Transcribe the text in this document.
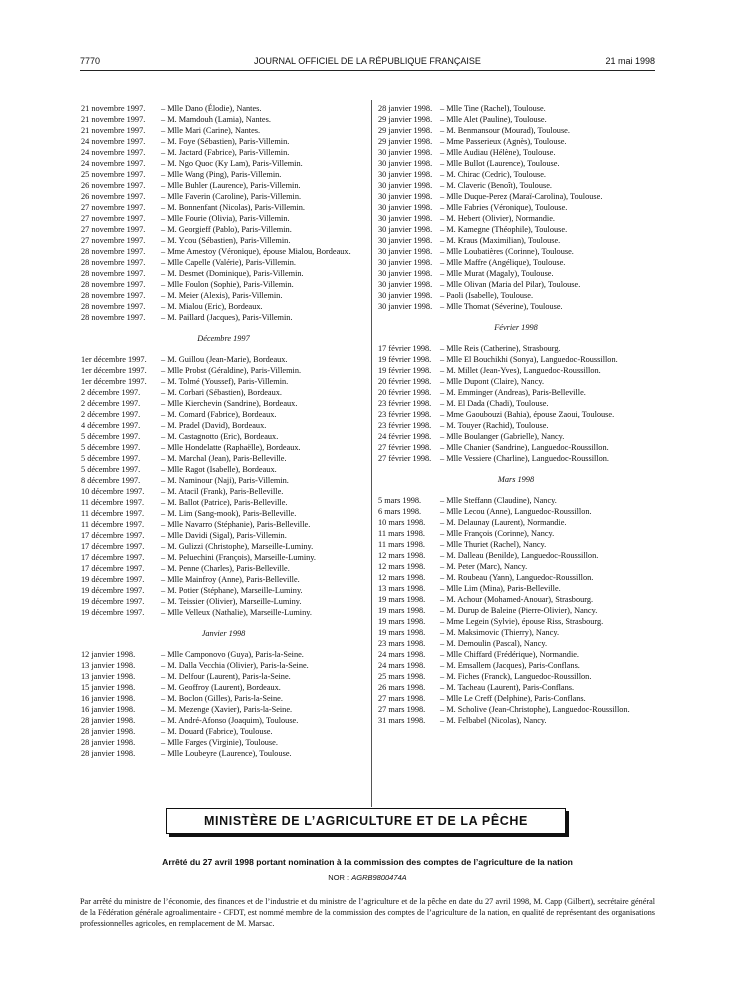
7770	JOURNAL OFFICIEL DE LA RÉPUBLIQUE FRANÇAISE	21 mai 1998
21 novembre 1997.	– Mlle Dano (Élodie), Nantes.
21 novembre 1997.	– M. Mamdouh (Lamia), Nantes.
21 novembre 1997.	– Mlle Mari (Carine), Nantes.
24 novembre 1997.	– M. Foye (Sébastien), Paris-Villemin.
24 novembre 1997.	– M. Jactard (Fabrice), Paris-Villemin.
24 novembre 1997.	– M. Ngo Quoc (Ky Lam), Paris-Villemin.
25 novembre 1997.	– Mlle Wang (Ping), Paris-Villemin.
26 novembre 1997.	– Mlle Buhler (Laurence), Paris-Villemin.
26 novembre 1997.	– Mlle Faverin (Caroline), Paris-Villemin.
27 novembre 1997.	– M. Bonnenfant (Nicolas), Paris-Villemin.
27 novembre 1997.	– Mlle Fourie (Olivia), Paris-Villemin.
27 novembre 1997.	– M. Georgieff (Pablo), Paris-Villemin.
27 novembre 1997.	– M. Ycou (Sébastien), Paris-Villemin.
28 novembre 1997.	– Mme Amestoy (Véronique), épouse Mialou, Bordeaux.
28 novembre 1997.	– Mlle Capelle (Valérie), Paris-Villemin.
28 novembre 1997.	– M. Desmet (Dominique), Paris-Villemin.
28 novembre 1997.	– Mlle Foulon (Sophie), Paris-Villemin.
28 novembre 1997.	– M. Meier (Alexis), Paris-Villemin.
28 novembre 1997.	– M. Mialou (Eric), Bordeaux.
28 novembre 1997.	– M. Paillard (Jacques), Paris-Villemin.
Décembre 1997
1er décembre 1997.	– M. Guillou (Jean-Marie), Bordeaux.
1er décembre 1997.	– Mlle Probst (Géraldine), Paris-Villemin.
1er décembre 1997.	– M. Tolmé (Youssef), Paris-Villemin.
2 décembre 1997.	– M. Corbari (Sébastien), Bordeaux.
2 décembre 1997.	– Mlle Kierchevin (Sandrine), Bordeaux.
2 décembre 1997.	– M. Comard (Fabrice), Bordeaux.
4 décembre 1997.	– M. Pradel (David), Bordeaux.
5 décembre 1997.	– M. Castagnotto (Eric), Bordeaux.
5 décembre 1997.	– Mlle Hondelatte (Raphaëlle), Bordeaux.
5 décembre 1997.	– M. Marchal (Jean), Paris-Belleville.
5 décembre 1997.	– Mlle Ragot (Isabelle), Bordeaux.
8 décembre 1997.	– M. Naminour (Naji), Paris-Villemin.
10 décembre 1997.	– M. Atacil (Frank), Paris-Belleville.
11 décembre 1997.	– M. Ballot (Patrice), Paris-Belleville.
11 décembre 1997.	– M. Lim (Sang-mook), Paris-Belleville.
11 décembre 1997.	– Mlle Navarro (Stéphanie), Paris-Belleville.
17 décembre 1997.	– Mlle Davidi (Sigal), Paris-Villemin.
17 décembre 1997.	– M. Gulizzi (Christophe), Marseille-Luminy.
17 décembre 1997.	– M. Peluechini (François), Marseille-Luminy.
17 décembre 1997.	– M. Penne (Charles), Paris-Belleville.
19 décembre 1997.	– Mlle Mainfroy (Anne), Paris-Belleville.
19 décembre 1997.	– M. Potier (Stéphane), Marseille-Luminy.
19 décembre 1997.	– M. Teissier (Olivier), Marseille-Luminy.
19 décembre 1997.	– Mlle Velleux (Nathalie), Marseille-Luminy.
Janvier 1998
12 janvier 1998.	– Mlle Camponovo (Guya), Paris-la-Seine.
13 janvier 1998.	– M. Dalla Vecchia (Olivier), Paris-la-Seine.
13 janvier 1998.	– M. Delfour (Laurent), Paris-la-Seine.
15 janvier 1998.	– M. Geoffroy (Laurent), Bordeaux.
16 janvier 1998.	– M. Boclon (Gilles), Paris-la-Seine.
16 janvier 1998.	– M. Mezenge (Xavier), Paris-la-Seine.
28 janvier 1998.	– M. André-Afonso (Joaquim), Toulouse.
28 janvier 1998.	– M. Douard (Fabrice), Toulouse.
28 janvier 1998.	– Mlle Farges (Virginie), Toulouse.
28 janvier 1998.	– Mlle Loubeyre (Laurence), Toulouse.
28 janvier 1998. – Mlle Tine (Rachel), Toulouse.
29 janvier 1998. – Mlle Alet (Pauline), Toulouse.
29 janvier 1998. – M. Benmansour (Mourad), Toulouse.
29 janvier 1998. – Mme Passerieux (Agnès), Toulouse.
30 janvier 1998. – Mlle Audiau (Hélène), Toulouse.
30 janvier 1998. – Mlle Bullot (Laurence), Toulouse.
30 janvier 1998. – M. Chirac (Cedric), Toulouse.
30 janvier 1998. – M. Claveric (Benoît), Toulouse.
30 janvier 1998. – Mlle Duque-Perez (Maraï-Carolina), Toulouse.
30 janvier 1998. – Mlle Fabries (Véronique), Toulouse.
30 janvier 1998. – M. Hebert (Olivier), Normandie.
30 janvier 1998. – M. Kamegne (Théophile), Toulouse.
30 janvier 1998. – M. Kraus (Maximilian), Toulouse.
30 janvier 1998. – Mlle Loubatières (Corinne), Toulouse.
30 janvier 1998. – Mlle Maffre (Angélique), Toulouse.
30 janvier 1998. – Mlle Murat (Magaly), Toulouse.
30 janvier 1998. – Mlle Olivan (Maria del Pilar), Toulouse.
30 janvier 1998. – Paoli (Isabelle), Toulouse.
30 janvier 1998. – Mlle Thomat (Séverine), Toulouse.
Février 1998
17 février 1998.	– Mlle Reis (Catherine), Strasbourg.
19 février 1998.	– Mlle El Bouchikhi (Sonya), Languedoc-Roussillon.
19 février 1998.	– M. Millet (Jean-Yves), Languedoc-Roussillon.
20 février 1998.	– Mlle Dupont (Claire), Nancy.
20 février 1998.	– M. Emminger (Andreas), Paris-Belleville.
23 février 1998.	– M. El Dada (Chadi), Toulouse.
23 février 1998.	– Mme Gaoubouzi (Bahia), épouse Zaoui, Toulouse.
23 février 1998.	– M. Touyer (Rachid), Toulouse.
24 février 1998.	– Mlle Boulanger (Gabrielle), Nancy.
27 février 1998.	– Mlle Chanier (Sandrine), Languedoc-Roussillon.
27 février 1998.	– Mlle Vessiere (Charline), Languedoc-Roussillon.
Mars 1998
5 mars 1998.	– Mlle Steffann (Claudine), Nancy.
6 mars 1998.	– Mlle Lecou (Anne), Languedoc-Roussillon.
10 mars 1998.	– M. Delaunay (Laurent), Normandie.
11 mars 1998.	– Mlle François (Corinne), Nancy.
11 mars 1998.	– Mlle Thuriet (Rachel), Nancy.
12 mars 1998.	– M. Dalleau (Benilde), Languedoc-Roussillon.
12 mars 1998.	– M. Peter (Marc), Nancy.
12 mars 1998.	– M. Roubeau (Yann), Languedoc-Roussillon.
13 mars 1998.	– Mlle Lim (Mina), Paris-Belleville.
19 mars 1998.	– M. Achour (Mohamed-Anouar), Strasbourg.
19 mars 1998.	– M. Durup de Baleine (Pierre-Olivier), Nancy.
19 mars 1998.	– Mme Legein (Sylvie), épouse Riss, Strasbourg.
19 mars 1998.	– M. Maksimovic (Thierry), Nancy.
23 mars 1998.	– M. Demoulin (Pascal), Nancy.
24 mars 1998.	– Mlle Chiffard (Frédérique), Normandie.
24 mars 1998.	– M. Emsallem (Jacques), Paris-Conflans.
25 mars 1998.	– M. Fiches (Franck), Languedoc-Roussillon.
26 mars 1998.	– M. Tacheau (Laurent), Paris-Conflans.
27 mars 1998.	– Mlle Le Creff (Delphine), Paris-Conflans.
27 mars 1998.	– M. Scholive (Jean-Christophe), Languedoc-Roussillon.
31 mars 1998.	– M. Felbabel (Nicolas), Nancy.
MINISTÈRE DE L’AGRICULTURE ET DE LA PÊCHE
Arrêté du 27 avril 1998 portant nomination à la commission des comptes de l’agriculture de la nation
NOR : AGRB9800474A
Par arrêté du ministre de l’économie, des finances et de l’industrie et du ministre de l’agriculture et de la pêche en date du 27 avril 1998, M. Capp (Gilbert), secrétaire général de la Fédération générale agroalimentaire - CFDT, est nommé membre de la commission des comptes de l’agriculture de la nation, en qualité de représentant des organisations professionnelles agricoles, en remplacement de M. Marsac.
